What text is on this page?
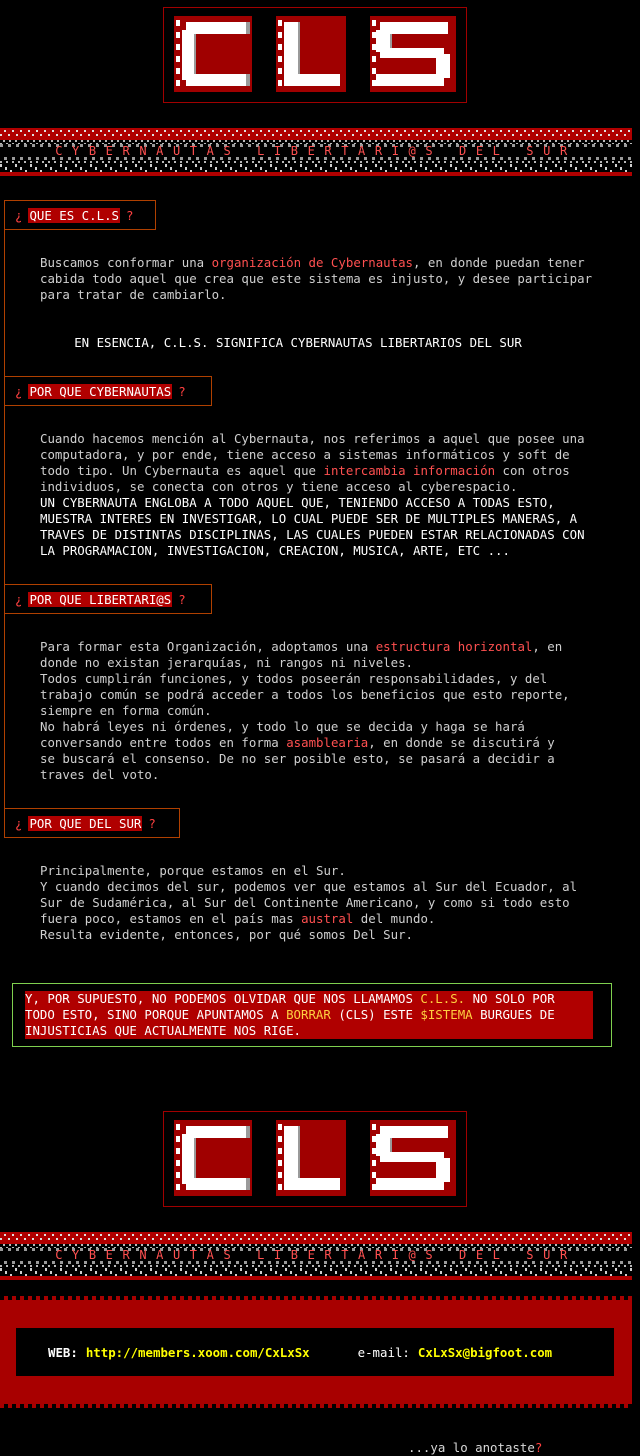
CYBERNAUTAS LIBERTARI@S DEL SUR
¿ QUE ES C.L.S ?
Buscamos conformar una organización de Cybernautas, en donde puedan tener
cabida todo aquel que crea que este sistema es injusto, y desee participar
para tratar de cambiarlo.
EN ESENCIA, C.L.S. SIGNIFICA CYBERNAUTAS LIBERTARIOS DEL SUR
¿ POR QUE CYBERNAUTAS ?
Cuando hacemos mención al Cybernauta, nos referimos a aquel que posee una
computadora, y por ende, tiene acceso a sistemas informáticos y soft de
todo tipo. Un Cybernauta es aquel que intercambia información con otros
individuos, se conecta con otros y tiene acceso al cyberespacio.
UN CYBERNAUTA ENGLOBA A TODO AQUEL QUE, TENIENDO ACCESO A TODAS ESTO,
MUESTRA INTERES EN INVESTIGAR, LO CUAL PUEDE SER DE MULTIPLES MANERAS, A
TRAVES DE DISTINTAS DISCIPLINAS, LAS CUALES PUEDEN ESTAR RELACIONADAS CON
LA PROGRAMACION, INVESTIGACION, CREACION, MUSICA, ARTE, ETC ...
¿ POR QUE LIBERTARI@S ?
Para formar esta Organización, adoptamos una estructura horizontal, en
donde no existan jerarquías, ni rangos ni niveles.
Todos cumplirán funciones, y todos poseerán responsabilidades, y del
trabajo común se podrá acceder a todos los beneficios que esto reporte,
siempre en forma común.
No habrá leyes ni órdenes, y todo lo que se decida y haga se hará
conversando entre todos en forma asamblearia, en donde se discutirá y
se buscará el consenso. De no ser posible esto, se pasará a decidir a
traves del voto.
¿ POR QUE DEL SUR ?
Principalmente, porque estamos en el Sur.
Y cuando decimos del sur, podemos ver que estamos al Sur del Ecuador, al
Sur de Sudamérica, al Sur del Continente Americano, y como si todo esto
fuera poco, estamos en el país mas austral del mundo.
Resulta evidente, entonces, por qué somos Del Sur.
Y, POR SUPUESTO, NO PODEMOS OLVIDAR QUE NOS LLAMAMOS C.L.S. NO SOLO POR
TODO ESTO, SINO PORQUE APUNTAMOS A BORRAR (CLS) ESTE $ISTEMA BURGUES DE
INJUSTICIAS QUE ACTUALMENTE NOS RIGE.
CYBERNAUTAS LIBERTARI@S DEL SUR
WEB: http://members.xoom.com/CxLxSx	e-mail: CxLxSx@bigfoot.com
...ya lo anotaste?
